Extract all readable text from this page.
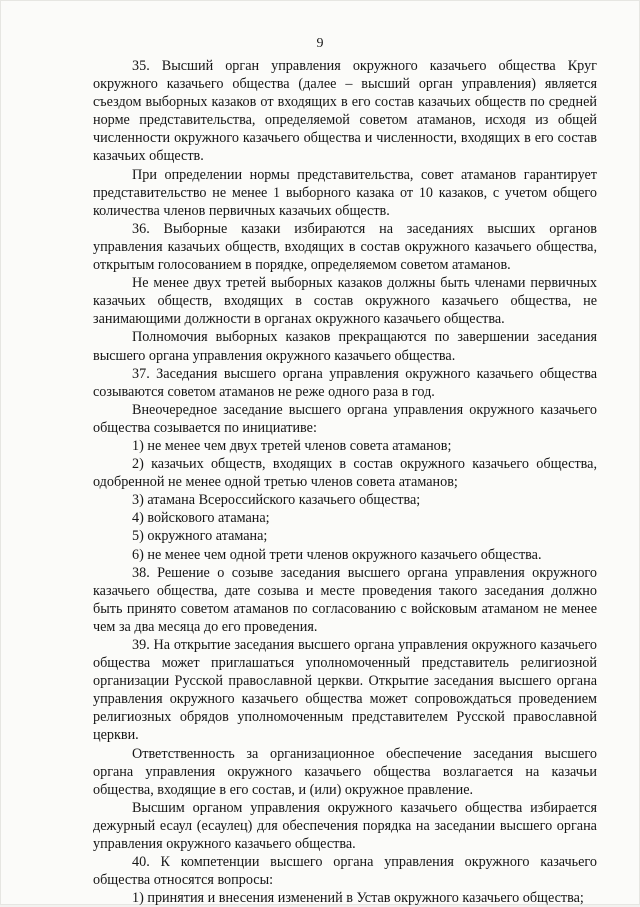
9

35. Высший орган управления окружного казачьего общества Круг окружного казачьего общества (далее – высший орган управления) является съездом выборных казаков от входящих в его состав казачьих обществ по средней норме представительства, определяемой советом атаманов, исходя из общей численности окружного казачьего общества и численности, входящих в его состав казачьих обществ.

При определении нормы представительства, совет атаманов гарантирует представительство не менее 1 выборного казака от 10 казаков, с учетом общего количества членов первичных казачьих обществ.

36. Выборные казаки избираются на заседаниях высших органов управления казачьих обществ, входящих в состав окружного казачьего общества, открытым голосованием в порядке, определяемом советом атаманов.

Не менее двух третей выборных казаков должны быть членами первичных казачьих обществ, входящих в состав окружного казачьего общества, не занимающими должности в органах окружного казачьего общества.

Полномочия выборных казаков прекращаются по завершении заседания высшего органа управления окружного казачьего общества.

37. Заседания высшего органа управления окружного казачьего общества созываются советом атаманов не реже одного раза в год.

Внеочередное заседание высшего органа управления окружного казачьего общества созывается по инициативе:

1) не менее чем двух третей членов совета атаманов;

2) казачьих обществ, входящих в состав окружного казачьего общества, одобренной не менее одной третью членов совета атаманов;

3) атамана Всероссийского казачьего общества;

4) войскового атамана;

5) окружного атамана;

6) не менее чем одной трети членов окружного казачьего общества.

38. Решение о созыве заседания высшего органа управления окружного казачьего общества, дате созыва и месте проведения такого заседания должно быть принято советом атаманов по согласованию с войсковым атаманом не менее чем за два месяца до его проведения.

39. На открытие заседания высшего органа управления окружного казачьего общества может приглашаться уполномоченный представитель религиозной организации Русской православной церкви. Открытие заседания высшего органа управления окружного казачьего общества может сопровождаться проведением религиозных обрядов уполномоченным представителем Русской православной церкви.

Ответственность за организационное обеспечение заседания высшего органа управления окружного казачьего общества возлагается на казачьи общества, входящие в его состав, и (или) окружное правление.

Высшим органом управления окружного казачьего общества избирается дежурный есаул (есаулец) для обеспечения порядка на заседании высшего органа управления окружного казачьего общества.

40. К компетенции высшего органа управления окружного казачьего общества относятся вопросы:

1) принятия и внесения изменений в Устав окружного казачьего общества;
